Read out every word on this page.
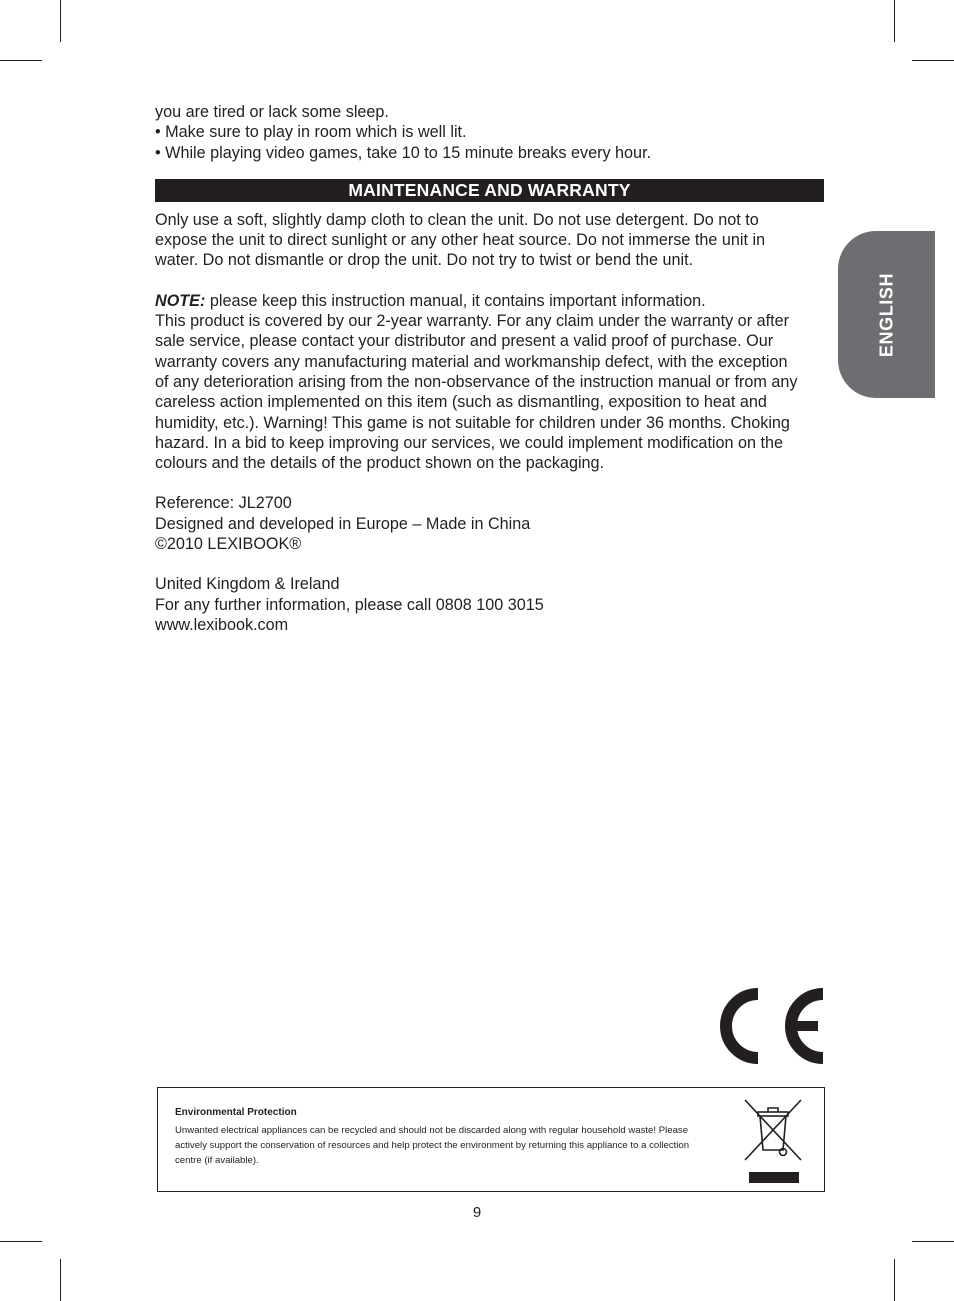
you are tired or lack some sleep.

• Make sure to play in room which is well lit.

• While playing video games, take 10 to 15 minute breaks every hour.

MAINTENANCE AND WARRANTY

Only use a soft, slightly damp cloth to clean the unit. Do not use detergent. Do not to

expose the unit to direct sunlight or any other heat source. Do not immerse the unit in

water. Do not dismantle or drop the unit. Do not try to twist or bend the unit.

NOTE: please keep this instruction manual, it contains important information.

This product is covered by our 2-year warranty. For any claim under the warranty or after

sale service, please contact your distributor and present a valid proof of purchase. Our

warranty covers any manufacturing material and workmanship defect, with the exception

of any deterioration arising from the non-observance of the instruction manual or from any

careless action implemented on this item (such as dismantling, exposition to heat and

humidity, etc.). Warning! This game is not suitable for children under 36 months. Choking

hazard. In a bid to keep improving our services, we could implement modification on the

colours and the details of the product shown on the packaging.

Reference: JL2700

Designed and developed in Europe – Made in China

©2010 LEXIBOOK®

United Kingdom & Ireland

For any further information, please call 0808 100 3015

www.lexibook.com

ENGLISH
Environmental Protection
Unwanted electrical appliances can be recycled and should not be discarded along with regular household waste! Please
actively support the conservation of resources and help protect the environment by returning this appliance to a collection
centre (if available).
9
